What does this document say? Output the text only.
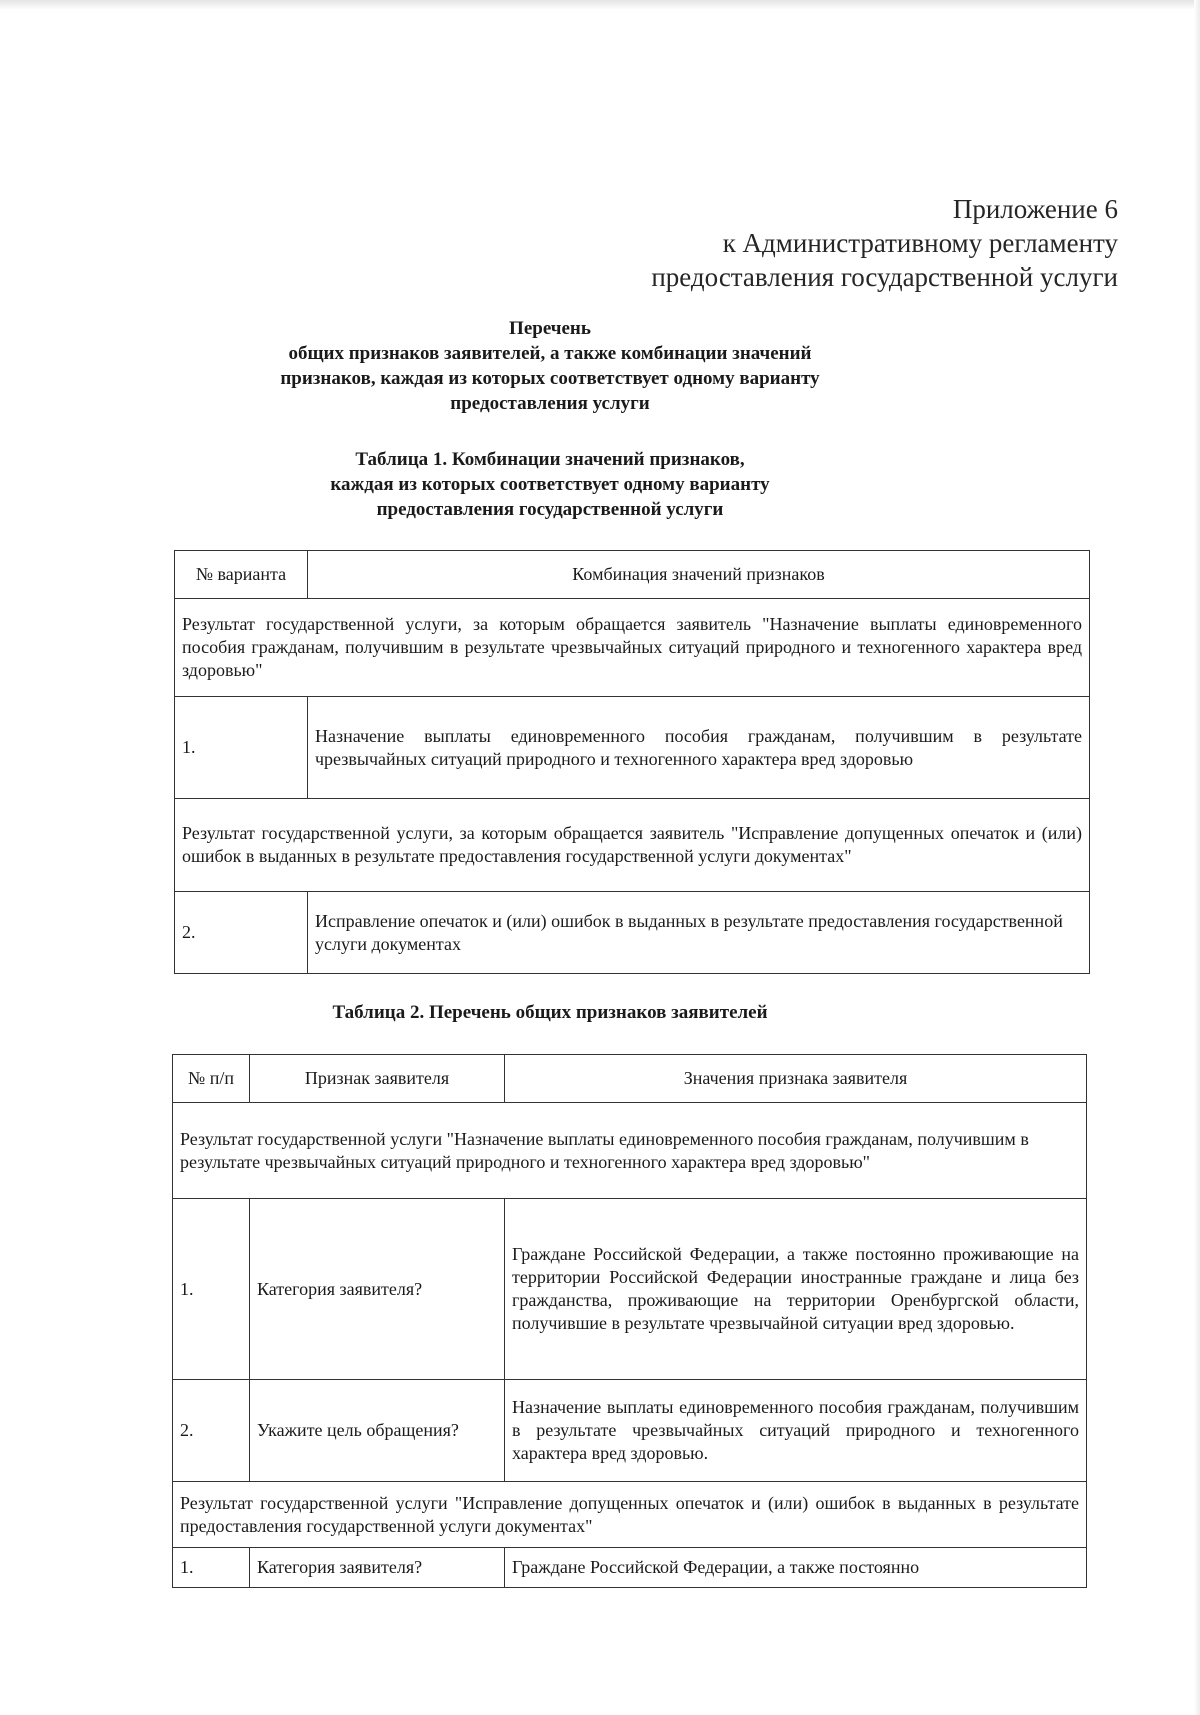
Приложение 6
к Административному регламенту
предоставления государственной услуги
Перечень
общих признаков заявителей, а также комбинации значений
признаков, каждая из которых соответствует одному варианту
предоставления услуги
Таблица 1. Комбинации значений признаков,
каждая из которых соответствует одному варианту
предоставления государственной услуги
№ варианта	Комбинация значений признаков
Результат государственной услуги, за которым обращается заявитель "Назначение выплаты единовременного пособия гражданам, получившим в результате чрезвычайных ситуаций природного и техногенного характера вред здоровью"	
1.	Назначение выплаты единовременного пособия гражданам, получившим в результате чрезвычайных ситуаций природного и техногенного характера вред здоровью
Результат государственной услуги, за которым обращается заявитель "Исправление допущенных опечаток и (или) ошибок в выданных в результате предоставления государственной услуги документах"	
2.	Исправление опечаток и (или) ошибок в выданных в результате предоставления государственной услуги документах
Таблица 2. Перечень общих признаков заявителей
№ п/п	Признак заявителя	Значения признака заявителя
Результат государственной услуги "Назначение выплаты единовременного пособия гражданам, получившим в результате чрезвычайных ситуаций природного и техногенного характера вред здоровью"		
1.	Категория заявителя?	Граждане Российской Федерации, а также постоянно проживающие на территории Российской Федерации иностранные граждане и лица без гражданства, проживающие на территории Оренбургской области, получившие в результате чрезвычайной ситуации вред здоровью.
2.	Укажите цель обращения?	Назначение выплаты единовременного пособия гражданам, получившим в результате чрезвычайных ситуаций природного и техногенного характера вред здоровью.
Результат государственной услуги "Исправление допущенных опечаток и (или) ошибок в выданных в результате предоставления государственной услуги документах"		
1.	Категория заявителя?	Граждане Российской Федерации, а также постоянно
